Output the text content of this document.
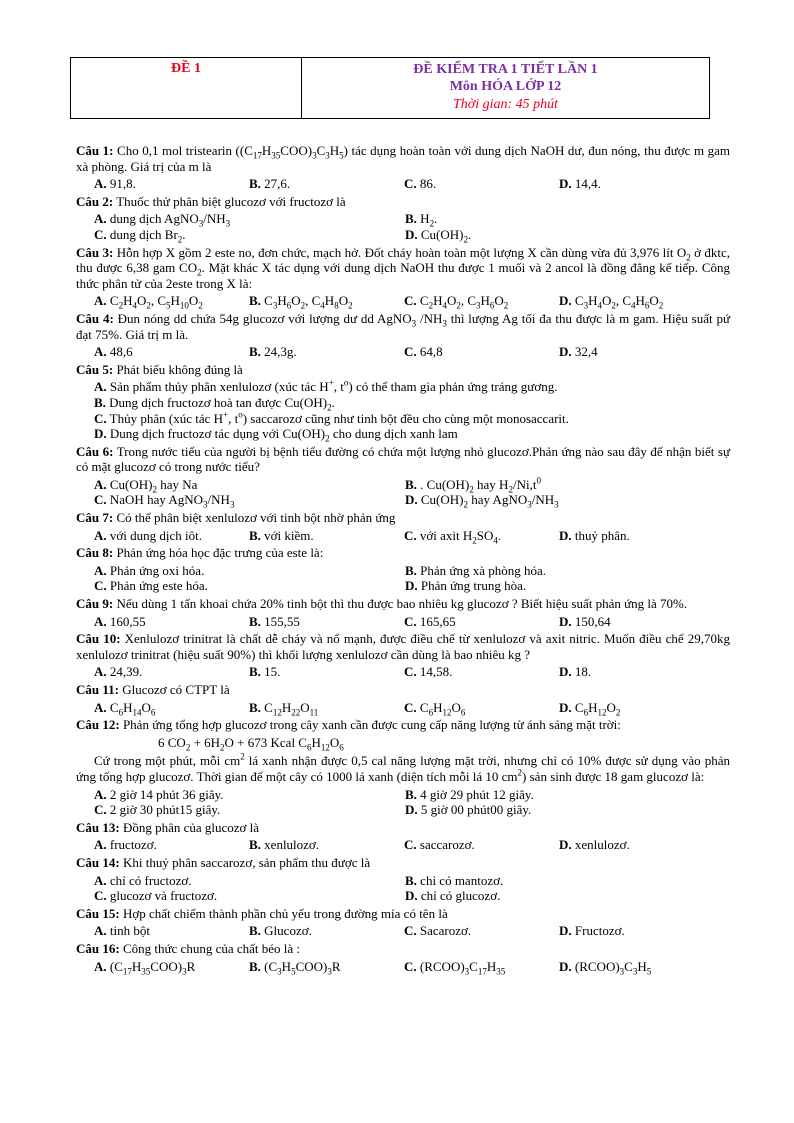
ĐỀ 1	ĐỀ KIỂM TRA 1 TIẾT LẦN 1
Môn HÓA LỚP 12
Thời gian: 45 phút
Câu 1: Cho 0,1 mol tristearin $((C_{17}H_{35}COO)_3C_3H_5)$ tác dụng hoàn toàn với dung dịch NaOH dư, đun nóng, thu được m gam xà phòng. Giá trị của m là
A. 91,8.	B. 27,6.	C. 86.	D. 14,4.
Câu 2: Thuốc thử phân biệt glucozơ với fructozơ là
A. dung dịch $AgNO_3/NH_3$	B. $H_2$.
C. dung dịch $Br_2$.	D. $Cu(OH)_2$.
Câu 3: Hỗn hợp X gồm 2 este no, đơn chức, mạch hở. Đốt cháy hoàn toàn một lượng X cần dùng vừa đủ 3,976 lít $O_2$ ở đktc, thu được 6,38 gam $CO_2$. Mặt khác X tác dụng với dung dịch NaOH thu được 1 muối và 2 ancol là đồng đẳng kế tiếp. Công thức phân tử của 2este trong X là:
A. $C_2H_4O_2$, $C_5H_{10}O_2$	B. $C_3H_6O_2$, $C_4H_8O_2$	C. $C_2H_4O_2$, $C_3H_6O_2$	D. $C_3H_4O_2$, $C_4H_6O_2$
Câu 4: Đun nóng dd chứa 54g glucozơ với lượng dư dd AgNO$_3$ $/NH_3$ thì lượng Ag tối đa thu được là m gam. Hiệu suất pứ đạt 75%. Giá trị m là.
A. 48,6	B. 24,3g.	C. 64,8	D. 32,4
Câu 5: Phát biểu không đúng là
A. Sản phẩm thủy phân xenlulozơ (xúc tác H+, $t^o$) có thể tham gia phản ứng tráng gương.
B. Dung dịch fructozơ hoà tan được $Cu(OH)_2$.
C. Thủy phân (xúc tác H+, $t^o$) saccarozơ cũng như tinh bột đều cho cùng một monosaccarit.
D. Dung dịch fructozơ tác dụng với $Cu(OH)_2$ cho dung dịch xanh lam
Câu 6: Trong nước tiểu của người bị bệnh tiểu đường có chứa một lượng nhỏ glucozơ.Phản ứng nào sau đây để nhận biết sự có mặt glucozơ có trong nước tiểu?
A. $Cu(OH)_2$ hay Na	B. . $Cu(OH)_2$ hay $H_2/Ni,t^0$
C. NaOH hay $AgNO_3/NH_3$	D. $Cu(OH)_2$ hay $AgNO_3/NH_3$
Câu 7: Có thể phân biệt xenlulozơ với tinh bột nhờ phản ứng
A. với dung dịch iôt.	B. với kiềm.	C. với axit $H_2SO_4$.	D. thuỷ phân.
Câu 8: Phản ứng hóa học đặc trưng của este là:
A. Phản ứng oxi hóa.	B. Phản ứng xà phòng hóa.
C. Phản ứng este hóa.	D. Phản ứng trung hòa.
Câu 9: Nếu dùng 1 tấn khoai chứa 20% tinh bột thì thu được bao nhiêu kg glucozơ ? Biết hiệu suất phản ứng là 70%.
A. 160,55	B. 155,55	C. 165,65	D. 150,64
Câu 10: Xenlulozơ trinitrat là chất dễ cháy và nổ mạnh, được điều chế từ xenlulozơ và axit nitric. Muốn điều chế 29,70kg xenlulozơ trinitrat (hiệu suất 90%) thì khối lượng xenlulozơ cần dùng là bao nhiêu kg ?
A. 24,39.	B. 15.	C. 14,58.	D. 18.
Câu 11: Glucozơ có CTPT là
A. $C_6H_{14}O_6$	B. $C_{12}H_{22}O_{11}$	C. $C_6H_{12}O_6$	D. $C_6H_{12}O_2$
Câu 12: Phản ứng tổng hợp glucozơ trong cây xanh cần được cung cấp năng lượng từ ánh sáng mặt trời:
6 $CO_2 + 6H_2O + 673$ Kcal $C_6H_{12}O_6$
Cứ trong một phút, mỗi $cm^2$ lá xanh nhận được 0,5 cal năng lượng mặt trời, nhưng chỉ có 10% được sử dụng vào phản ứng tổng hợp glucozơ. Thời gian để một cây có 1000 lá xanh (diện tích mỗi lá 10 $cm^2$) sản sinh được 18 gam glucozơ là:
A. 2 giờ 14 phút 36 giây.	B. 4 giờ 29 phút 12 giây.
C. 2 giờ 30 phút15 giây.	D. 5 giờ 00 phút00 giây.
Câu 13: Đồng phân của glucozơ là
A. fructozơ.	B. xenlulozơ.	C. saccarozơ.	D. xenlulozơ.
Câu 14: Khi thuỷ phân saccarozơ, sản phẩm thu được là
A. chỉ có fructozơ.	B. chỉ có mantozơ.
C. glucozơ và fructozơ.	D. chỉ có glucozơ.
Câu 15: Hợp chất chiếm thành phần chủ yếu trong đường mía có tên là
A. tinh bột	B. Glucozơ.	C. Sacarozơ.	D. Fructozơ.
Câu 16: Công thức chung của chất béo là :
A. $(C_{17}H_{35}COO)_3R$	B. $(C_3H_5COO)_3R$	C. $(RCOO)_3C_{17}H_{35}$	D. $(RCOO)_3C_3H_5$
